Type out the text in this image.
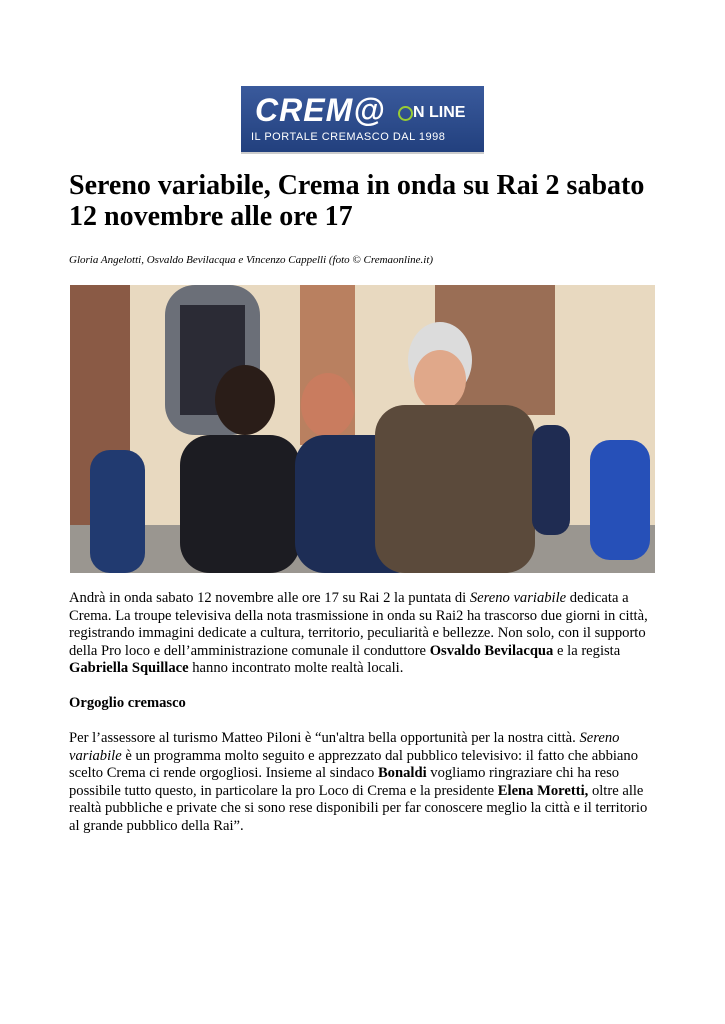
CREM@ N LINE
IL PORTALE CREMASCO DAL 1998
Sereno variabile, Crema in onda su Rai 2 sabato 12 novembre alle ore 17
Gloria Angelotti, Osvaldo Bevilacqua e Vincenzo Cappelli (foto © Cremaonline.it)

Andrà in onda sabato 12 novembre alle ore 17 su Rai 2 la puntata di Sereno variabile dedicata a Crema. La troupe televisiva della nota trasmissione in onda su Rai2 ha trascorso due giorni in città, registrando immagini dedicate a cultura, territorio, peculiarità e bellezze. Non solo, con il supporto della Pro loco e dell’amministrazione comunale il conduttore Osvaldo Bevilacqua e la regista Gabriella Squillace hanno incontrato molte realtà locali.

Orgoglio cremasco

Per l’assessore al turismo Matteo Piloni è “un'altra bella opportunità per la nostra città. Sereno variabile è un programma molto seguito e apprezzato dal pubblico televisivo: il fatto che abbiano scelto Crema ci rende orgogliosi. Insieme al sindaco Bonaldi vogliamo ringraziare chi ha reso possibile tutto questo, in particolare la pro Loco di Crema e la presidente Elena Moretti, oltre alle realtà pubbliche e private che si sono rese disponibili per far conoscere meglio la città e il territorio al grande pubblico della Rai”.
